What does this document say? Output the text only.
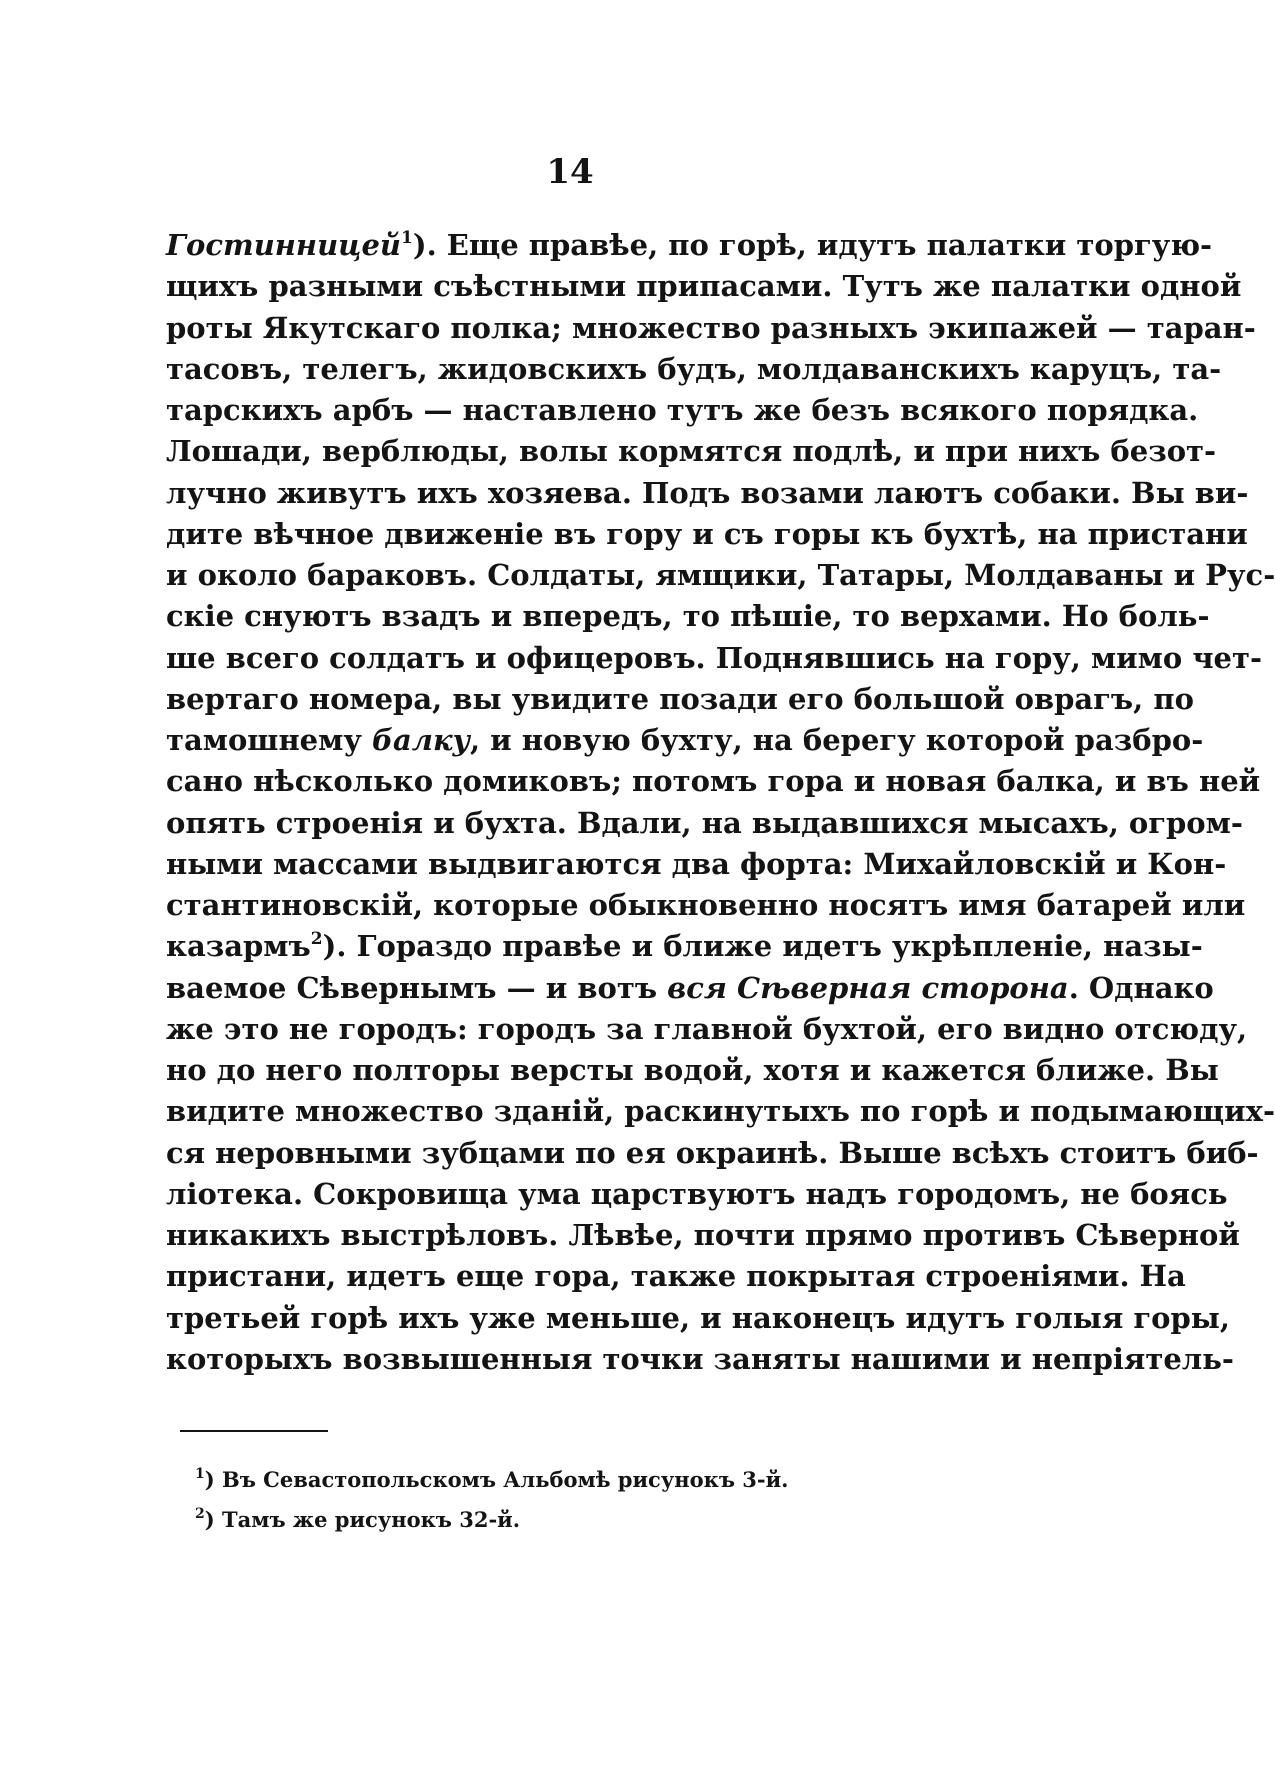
14
Гостинницей$^1$). Еще правѣе, по горѣ, идутъ палатки торгую-
щихъ разными съѣстными припасами. Тутъ же палатки одной
роты Якутскаго полка; множество разныхъ экипажей — таран-
тасовъ, телегъ, жидовскихъ будъ, молдаванскихъ каруцъ, та-
тарскихъ арбъ — наставлено тутъ же безъ всякого порядка.
Лошади, верблюды, волы кормятся подлѣ, и при нихъ безот-
лучно живутъ ихъ хозяева. Подъ возами лаютъ собаки. Вы ви-
дите вѣчное движенiе въ гору и съ горы къ бухтѣ, на пристани
и около бараковъ. Солдаты, ямщики, Татары, Молдаваны и Рус-
скiе снуютъ взадъ и впередъ, то пѣшiе, то верхами. Но боль-
ше всего солдатъ и офицеровъ. Поднявшись на гору, мимо чет-
вертаго номера, вы увидите позади его большой оврагъ, по
тамошнему балку, и новую бухту, на берегу которой разбро-
сано нѣсколько домиковъ; потомъ гора и новая балка, и въ ней
опять строенiя и бухта. Вдали, на выдавшихся мысахъ, огром-
ными массами выдвигаются два форта: Михайловскiй и Кон-
стантиновскiй, которые обыкновенно носятъ имя батарей или
казармъ$^2$). Гораздо правѣе и ближе идетъ укрѣпленiе, назы-
ваемое Сѣвернымъ — и вотъ вся Сѣверная сторона. Однако
же это не городъ: городъ за главной бухтой, его видно отсюду,
но до него полторы версты водой, хотя и кажется ближе. Вы
видите множество зданiй, раскинутыхъ по горѣ и подымающих-
ся неровными зубцами по ея окраинѣ. Выше всѣхъ стоитъ биб-
лiотека. Сокровища ума царствуютъ надъ городомъ, не боясь
никакихъ выстрѣловъ. Лѣвѣе, почти прямо противъ Сѣверной
пристани, идетъ еще гора, также покрытая строенiями. На
третьей горѣ ихъ уже меньше, и наконецъ идутъ голыя горы,
которыхъ возвышенныя точки заняты нашими и непрiятель-
$^1$) Въ Севастопольскомъ Альбомѣ рисунокъ 3-й.
$^2$) Тамъ же рисунокъ 32-й.
